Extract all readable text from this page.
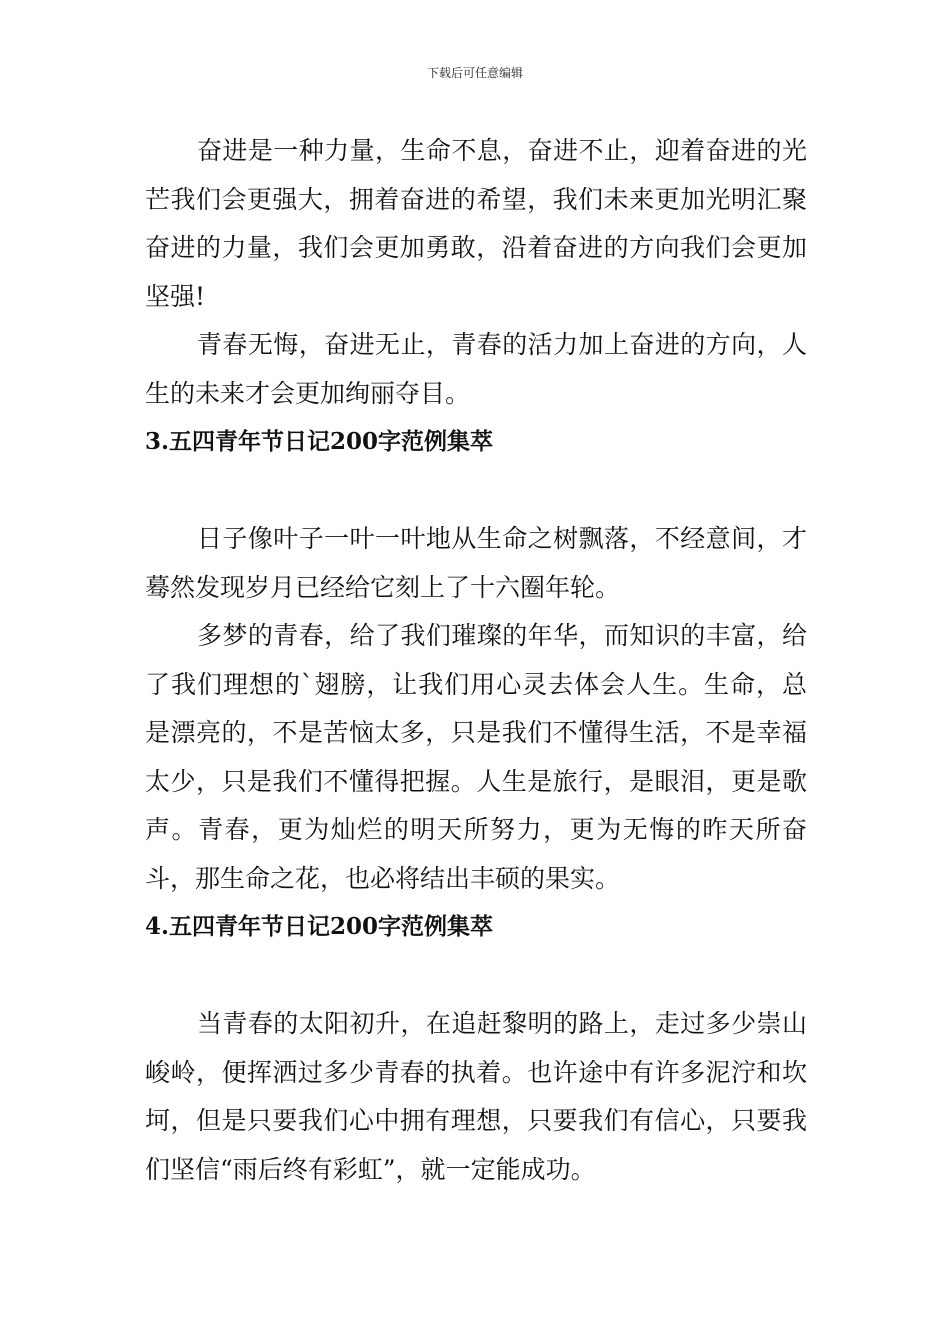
下载后可任意编辑

奋进是一种力量，生命不息，奋进不止，迎着奋进的光芒我们会更强大，拥着奋进的希望，我们未来更加光明汇聚奋进的力量，我们会更加勇敢，沿着奋进的方向我们会更加坚强!

青春无悔，奋进无止，青春的活力加上奋进的方向，人生的未来才会更加绚丽夺目。

3.五四青年节日记200字范例集萃

日子像叶子一叶一叶地从生命之树飘落，不经意间，才蓦然发现岁月已经给它刻上了十六圈年轮。

多梦的青春，给了我们璀璨的年华，而知识的丰富，给了我们理想的`翅膀，让我们用心灵去体会人生。生命，总是漂亮的，不是苦恼太多，只是我们不懂得生活，不是幸福太少，只是我们不懂得把握。人生是旅行，是眼泪，更是歌声。青春，更为灿烂的明天所努力，更为无悔的昨天所奋斗，那生命之花，也必将结出丰硕的果实。

4.五四青年节日记200字范例集萃

当青春的太阳初升，在追赶黎明的路上，走过多少崇山峻岭，便挥洒过多少青春的执着。也许途中有许多泥泞和坎坷，但是只要我们心中拥有理想，只要我们有信心，只要我们坚信“雨后终有彩虹”，就一定能成功。
